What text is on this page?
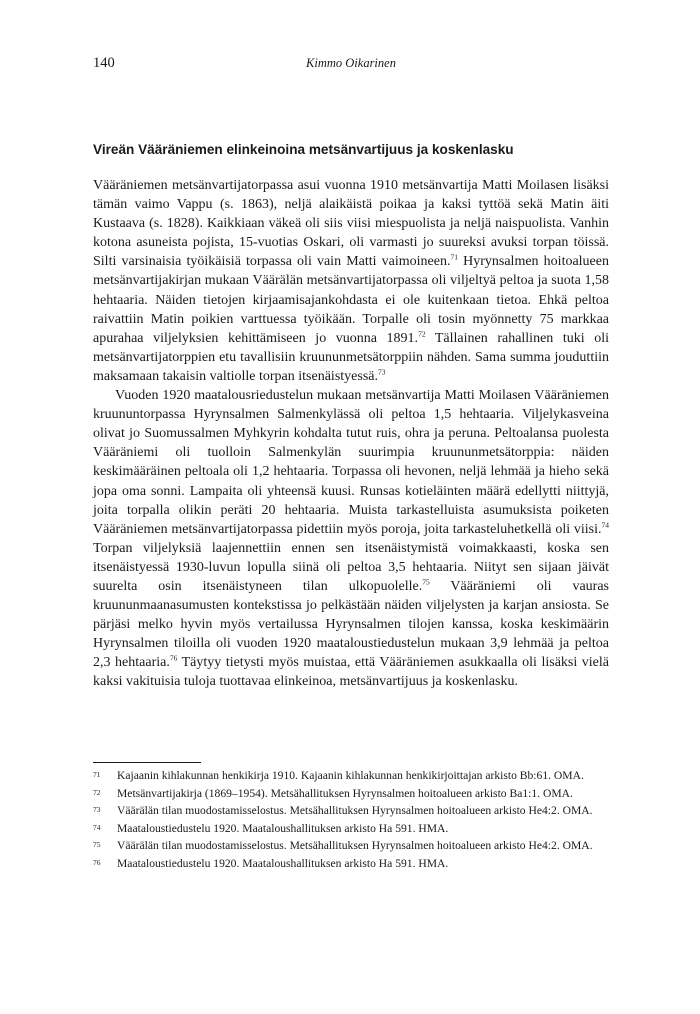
140	Kimmo Oikarinen
Vireän Vääräniemen elinkeinoina metsänvartijuus ja koskenlasku

Vääräniemen metsänvartijatorpassa asui vuonna 1910 metsänvartija Matti Moilasen lisäksi tämän vaimo Vappu (s. 1863), neljä alaikäistä poikaa ja kaksi tyttöä sekä Matin äiti Kustaava (s. 1828). Kaikkiaan väkeä oli siis viisi miespuolista ja neljä naispuolista. Vanhin kotona asuneista pojista, 15-vuotias Oskari, oli varmasti jo suureksi avuksi torpan töissä. Silti varsinaisia työikäisiä torpassa oli vain Matti vaimoineen.$^{71}$ Hyrynsalmen hoitoalueen metsänvartijakirjan mukaan Väärälän metsänvartijatorpassa oli viljeltyä peltoa ja suota 1,58 hehtaaria. Näiden tietojen kirjaamisajankohdasta ei ole kuitenkaan tietoa. Ehkä peltoa raivattiin Matin poikien varttuessa työikään. Torpalle oli tosin myönnetty 75 markkaa apurahaa viljelyksien kehittämiseen jo vuonna 1891.72 Tällainen rahallinen tuki oli metsänvartijatorppien etu tavallisiin kruununmetsätorppiin nähden. Sama summa jouduttiin maksamaan takaisin valtiolle torpan itsenäistyessä.$^{73}$

Vuoden 1920 maatalousriedustelun mukaan metsänvartija Matti Moilasen Vääräniemen kruununtorpassa Hyrynsalmen Salmenkylässä oli peltoa 1,5 hehtaaria. Viljelykasveina olivat jo Suomussalmen Myhkyrin kohdalta tutut ruis, ohra ja peruna. Peltoalansa puolesta Vääräniemi oli tuolloin Salmenkylän suurimpia kruununmetsätorppia: näiden keskimääräinen peltoala oli 1,2 hehtaaria. Torpassa oli hevonen, neljä lehmää ja hieho sekä jopa oma sonni. Lampaita oli yhteensä kuusi. Runsas kotieläinten määrä edellytti niittyjä, joita torpalla olikin peräti 20 hehtaaria. Muista tarkastelluista asumuksista poiketen Vääräniemen metsänvartijatorpassa pidettiin myös poroja, joita tarkasteluhetkellä oli viisi.$^{74}$ Torpan viljelyksiä laajennettiin ennen sen itsenäistymistä voimakkaasti, koska sen itsenäistyessä 1930-luvun lopulla siinä oli peltoa 3,5 hehtaaria. Niityt sen sijaan jäivät suurelta osin itsenäistyneen tilan ulkopuolelle.$^{75}$ Vääräniemi oli vauras kruununmaanasumusten kontekstissa jo pelkästään näiden viljelysten ja karjan ansiosta. Se pärjäsi melko hyvin myös vertailussa Hyrynsalmen tilojen kanssa, koska keskimäärin Hyrynsalmen tiloilla oli vuoden 1920 maataloustiedustelun mukaan 3,9 lehmää ja peltoa 2,3 hehtaaria.$^{76}$ Täytyy tietysti myös muistaa, että Vääräniemen asukkaalla oli lisäksi vielä kaksi vakituisia tuloja tuottavaa elinkeinoa, metsänvartijuus ja koskenlasku.

71 Kajaanin kihlakunnan henkikirja 1910. Kajaanin kihlakunnan henkikirjoittajan arkisto Bb:61. OMA.
72 Metsänvartijakirja (1869–1954). Metsähallituksen Hyrynsalmen hoitoalueen arkisto Ba1:1. OMA.
73 Väärälän tilan muodostamisselostus. Metsähallituksen Hyrynsalmen hoitoalueen arkisto He4:2. OMA.
74 Maataloustiedustelu 1920. Maataloushallituksen arkisto Ha 591. HMA.
75 Väärälän tilan muodostamisselostus. Metsähallituksen Hyrynsalmen hoitoalueen arkisto He4:2. OMA.
76 Maataloustiedustelu 1920. Maataloushallituksen arkisto Ha 591. HMA.
